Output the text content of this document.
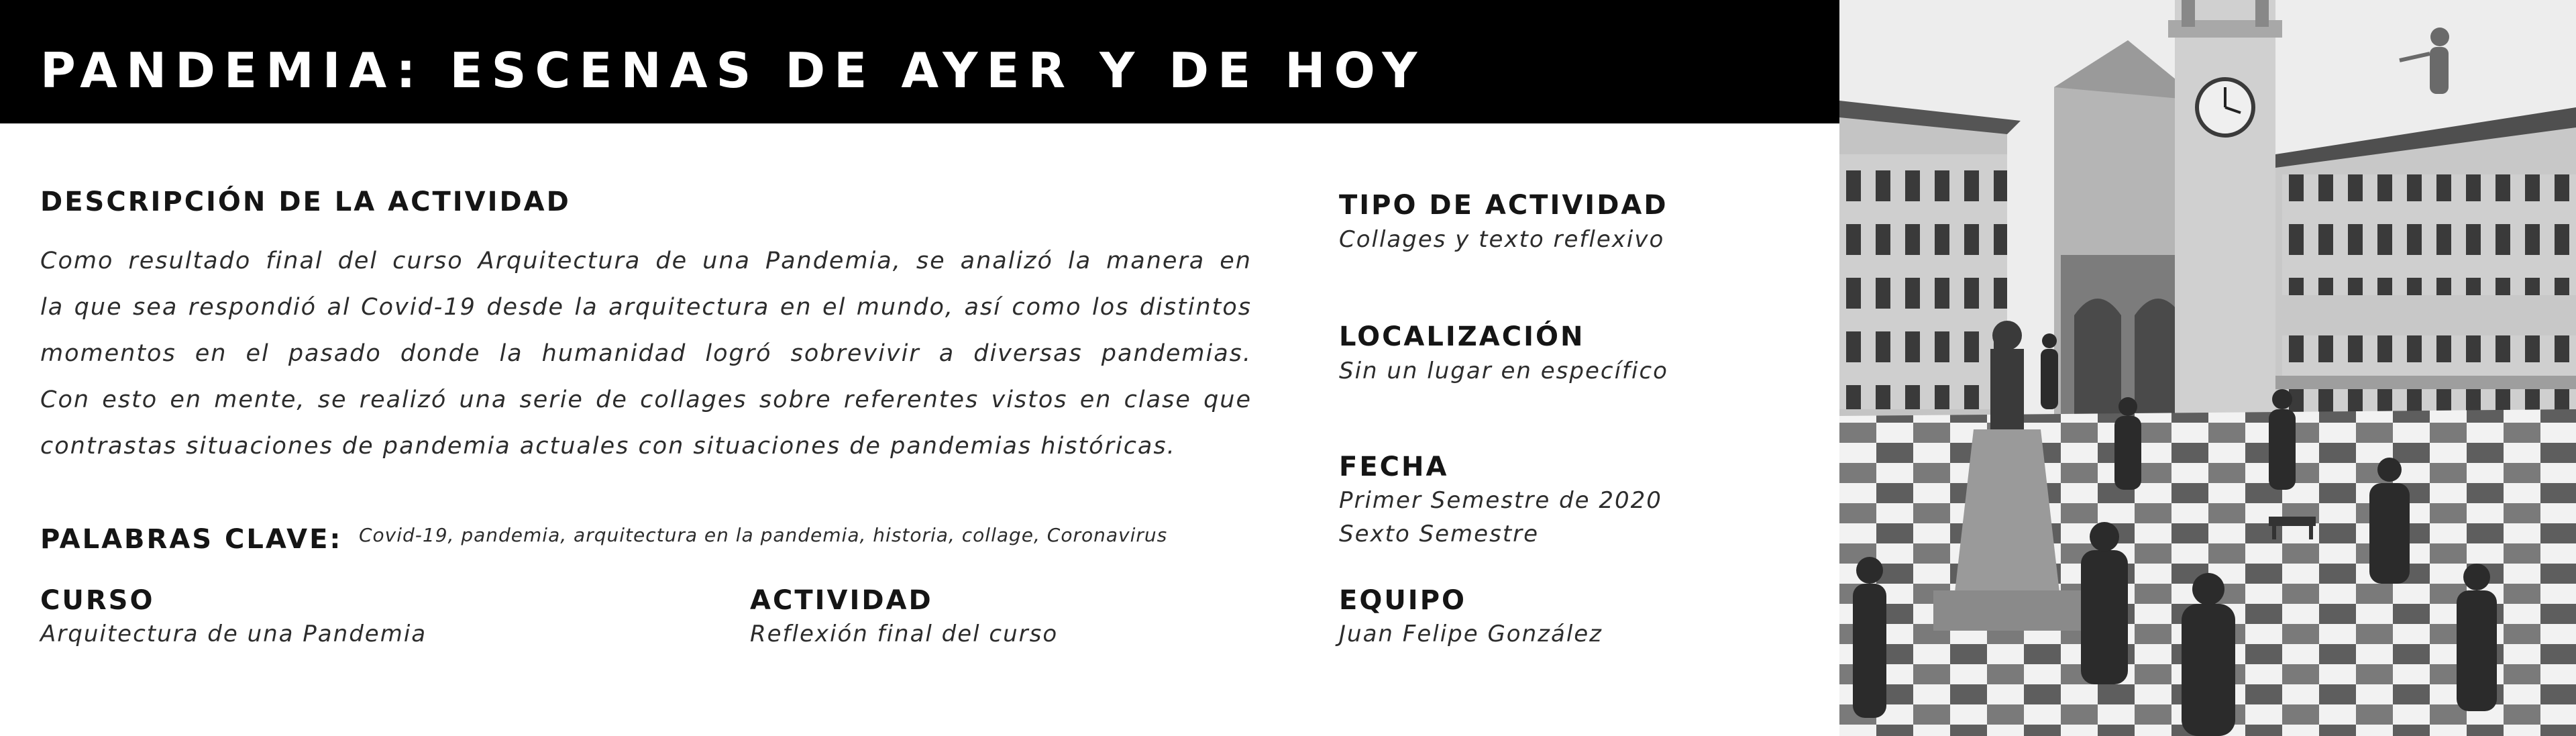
PANDEMIA: ESCENAS DE AYER Y DE HOY
DESCRIPCIÓN DE LA ACTIVIDAD

Como resultado final del curso Arquitectura de una Pandemia, se analizó la manera en
la que sea respondió al Covid-19 desde la arquitectura en el mundo, así como los distintos
momentos en el pasado donde la humanidad logró sobrevivir a diversas pandemias.
Con esto en mente, se realizó una serie de collages sobre referentes vistos en clase que
contrastas situaciones de pandemia actuales con situaciones de pandemias históricas.

PALABRAS CLAVE: Covid-19, pandemia, arquitectura en la pandemia, historia, collage, Coronavirus

CURSO

Arquitectura de una Pandemia

ACTIVIDAD

Reflexión final del curso

TIPO DE ACTIVIDAD

Collages y texto reflexivo

LOCALIZACIÓN

Sin un lugar en específico

FECHA

Primer Semestre de 2020

Sexto Semestre

EQUIPO

Juan Felipe González
